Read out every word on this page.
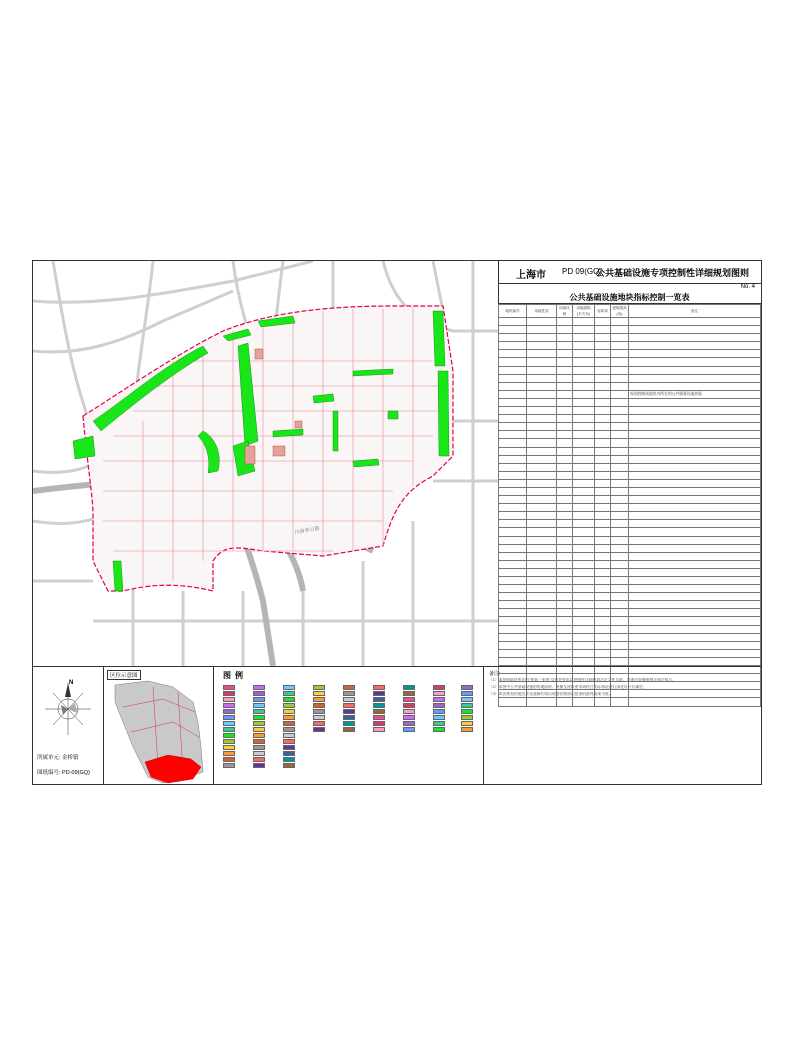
川南奉公路
上海市 PD 09(GQ)
公共基础设施专项控制性详细规划图则
No. 4
公共基础设施地块指标控制一览表
地块编号	用地性质	用地代码	用地面积(平方米)	容积率	建筑限高(米)	备注

						规划控制该地块内所在的公共服务设施功能

N
所属单元: 金桥镇
图纸编号: PD-09(GQ)
区位示意图	图例	备注:
（1）本图则地块所在的"规划一张图"及管控要求以控制性详细规划法定文件为准，其他内容参照相关规定执行。
（2）本图中公共基础设施的用地面积、规模及建设要求需结合实际情况进行深化设计后确定。
（3）本次规划用地边界及道路红线以规划管理部门批准的最终成果为准。
